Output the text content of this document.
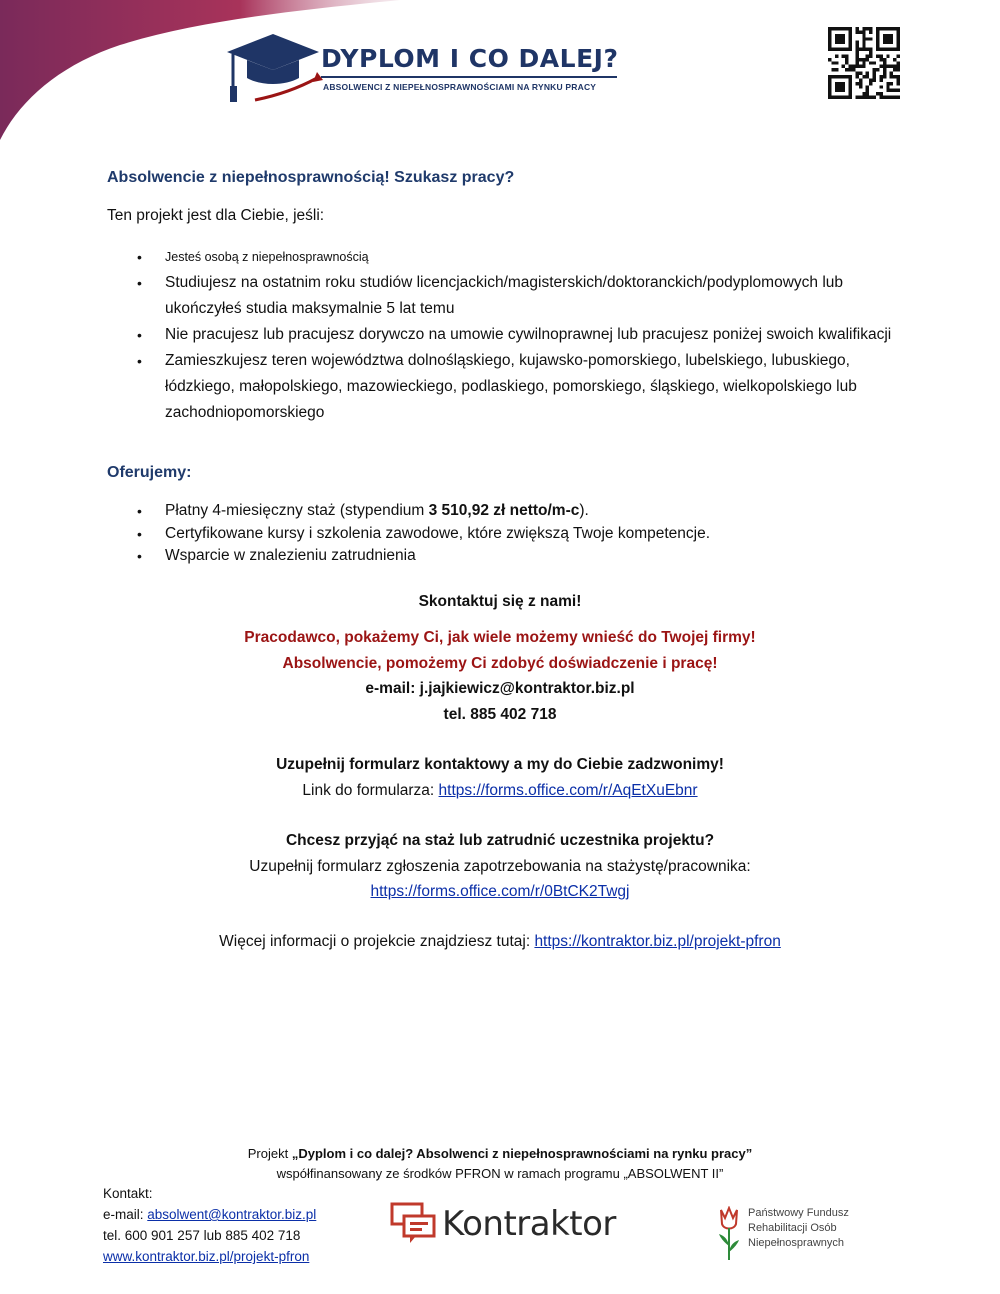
DYPLOM I CO DALEJ?
ABSOLWENCI Z NIEPEŁNOSPRAWNOŚCIAMI NA RYNKU PRACY
Absolwencie z niepełnosprawnością! Szukasz pracy?
Ten projekt jest dla Ciebie, jeśli:
• Jesteś osobą z niepełnosprawnością
• Studiujesz na ostatnim roku studiów licencjackich/magisterskich/doktoranckich/podyplomowych lub ukończyłeś studia maksymalnie 5 lat temu
• Nie pracujesz lub pracujesz dorywczo na umowie cywilnoprawnej lub pracujesz poniżej swoich kwalifikacji
• Zamieszkujesz teren województwa dolnośląskiego, kujawsko-pomorskiego, lubelskiego, lubuskiego, łódzkiego, małopolskiego, mazowieckiego, podlaskiego, pomorskiego, śląskiego, wielkopolskiego lub zachodniopomorskiego
Oferujemy:
• Płatny 4-miesięczny staż (stypendium 3 510,92 zł netto/m-c).
• Certyfikowane kursy i szkolenia zawodowe, które zwiększą Twoje kompetencje.
• Wsparcie w znalezieniu zatrudnienia
Skontaktuj się z nami!
Pracodawco, pokażemy Ci, jak wiele możemy wnieść do Twojej firmy!
Absolwencie, pomożemy Ci zdobyć doświadczenie i pracę!
e-mail: j.jajkiewicz@kontraktor.biz.pl
tel. 885 402 718
Uzupełnij formularz kontaktowy a my do Ciebie zadzwonimy!
Link do formularza: https://forms.office.com/r/AqEtXuEbnr
Chcesz przyjąć na staż lub zatrudnić uczestnika projektu?
Uzupełnij formularz zgłoszenia zapotrzebowania na stażystę/pracownika:
https://forms.office.com/r/0BtCK2Twgj
Więcej informacji o projekcie znajdziesz tutaj: https://kontraktor.biz.pl/projekt-pfron
Projekt „Dyplom i co dalej? Absolwenci z niepełnosprawnościami na rynku pracy”
współfinansowany ze środków PFRON w ramach programu „ABSOLWENT II”
Kontakt:
e-mail: absolwent@kontraktor.biz.pl
tel. 600 901 257 lub 885 402 718
www.kontraktor.biz.pl/projekt-pfron
Kontraktor	Państwowy Fundusz
Rehabilitacji Osób
Niepełnosprawnych
